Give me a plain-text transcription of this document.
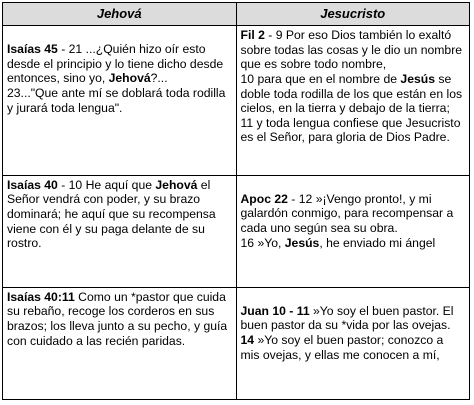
Jehová	Jesucristo

Isaías 45 - 21 ...¿Quién hizo oír esto desde el principio y lo tiene dicho desde entonces, sino yo, Jehová?...
23..."Que ante mí se doblará toda rodilla y jurará toda lengua".	Fil 2 - 9 Por eso Dios también lo exaltó sobre todas las cosas y le dio un nombre que es sobre todo nombre,
10 para que en el nombre de Jesús se doble toda rodilla de los que están en los cielos, en la tierra y debajo de la tierra; 11 y toda lengua confiese que Jesucristo es el Señor, para gloria de Dios Padre.

Isaías 40 - 10 He aquí que Jehová el Señor vendrá con poder, y su brazo dominará; he aquí que su recompensa viene con él y su paga delante de su rostro.	Apoc 22 - 12 »¡Vengo pronto!, y mi galardón conmigo, para recompensar a cada uno según sea su obra.
16 »Yo, Jesús, he enviado mi ángel

Isaías 40:11 Como un *pastor que cuida su rebaño, recoge los corderos en sus brazos; los lleva junto a su pecho, y guía con cuidado a las recién paridas.	Juan 10 - 11 »Yo soy el buen pastor. El buen pastor da su *vida por las ovejas.
14 »Yo soy el buen pastor; conozco a mis ovejas, y ellas me conocen a mí,
